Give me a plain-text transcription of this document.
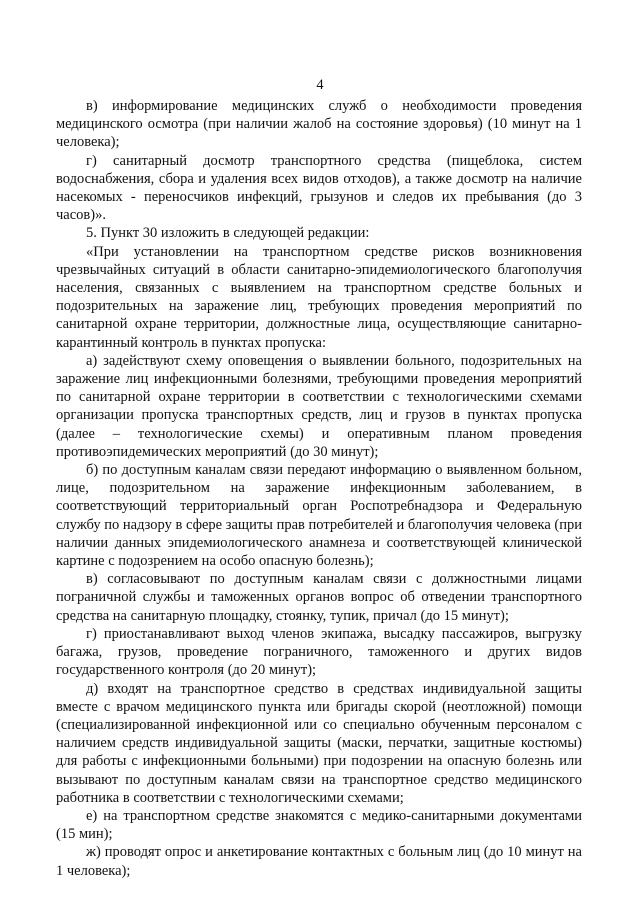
4

в) информирование медицинских служб о необходимости проведения медицинского осмотра (при наличии жалоб на состояние здоровья) (10 минут на 1 человека);

г) санитарный досмотр транспортного средства (пищеблока, систем водоснабжения, сбора и удаления всех видов отходов), а также досмотр на наличие насекомых - переносчиков инфекций, грызунов и следов их пребывания (до 3 часов)».

5. Пункт 30 изложить в следующей редакции:

«При установлении на транспортном средстве рисков возникновения чрезвычайных ситуаций в области санитарно-эпидемиологического благополучия населения, связанных с выявлением на транспортном средстве больных и подозрительных на заражение лиц, требующих проведения мероприятий по санитарной охране территории, должностные лица, осуществляющие санитарно-карантинный контроль в пунктах пропуска:

а) задействуют схему оповещения о выявлении больного, подозрительных на заражение лиц инфекционными болезнями, требующими проведения мероприятий по санитарной охране территории в соответствии с технологическими схемами организации пропуска транспортных средств, лиц и грузов в пунктах пропуска (далее – технологические схемы) и оперативным планом проведения противоэпидемических мероприятий (до 30 минут);

б) по доступным каналам связи передают информацию о выявленном больном, лице, подозрительном на заражение инфекционным заболеванием, в соответствующий территориальный орган Роспотребнадзора и Федеральную службу по надзору в сфере защиты прав потребителей и благополучия человека (при наличии данных эпидемиологического анамнеза и соответствующей клинической картине с подозрением на особо опасную болезнь);

в) согласовывают по доступным каналам связи с должностными лицами пограничной службы и таможенных органов вопрос об отведении транспортного средства на санитарную площадку, стоянку, тупик, причал (до 15 минут);

г) приостанавливают выход членов экипажа, высадку пассажиров, выгрузку багажа, грузов, проведение пограничного, таможенного и других видов государственного контроля (до 20 минут);

д) входят на транспортное средство в средствах индивидуальной защиты вместе с врачом медицинского пункта или бригады скорой (неотложной) помощи (специализированной инфекционной или со специально обученным персоналом с наличием средств индивидуальной защиты (маски, перчатки, защитные костюмы) для работы с инфекционными больными) при подозрении на опасную болезнь или вызывают по доступным каналам связи на транспортное средство медицинского работника в соответствии с технологическими схемами;

е) на транспортном средстве знакомятся с медико-санитарными документами (15 мин);

ж) проводят опрос и анкетирование контактных с больным лиц (до 10 минут на 1 человека);
